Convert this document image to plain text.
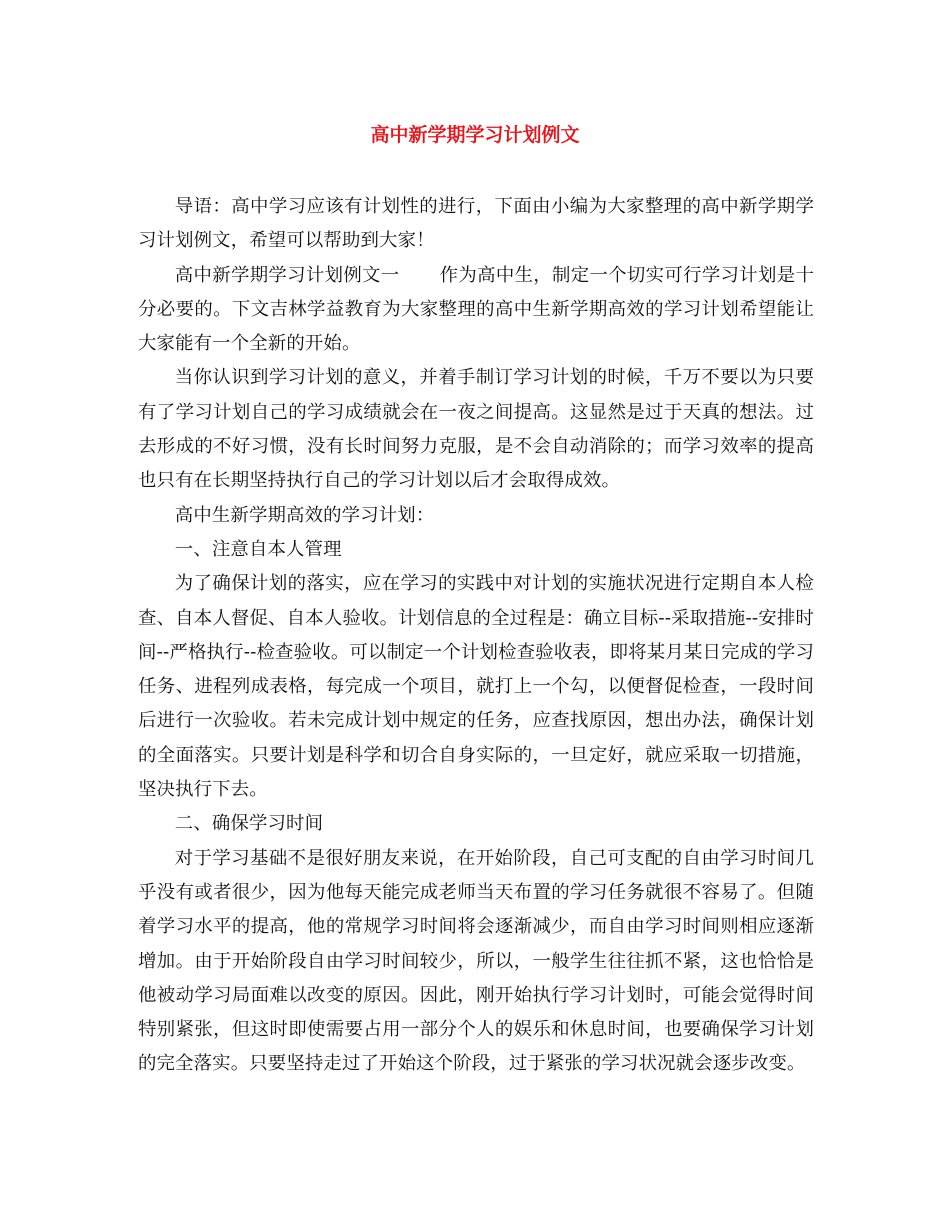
高中新学期学习计划例文

导语：高中学习应该有计划性的进行，下面由小编为大家整理的高中新学期学习计划例文，希望可以帮助到大家！

高中新学期学习计划例文一 作为高中生，制定一个切实可行学习计划是十分必要的。下文吉林学益教育为大家整理的高中生新学期高效的学习计划希望能让大家能有一个全新的开始。

当你认识到学习计划的意义，并着手制订学习计划的时候，千万不要以为只要有了学习计划自己的学习成绩就会在一夜之间提高。这显然是过于天真的想法。过去形成的不好习惯，没有长时间努力克服，是不会自动消除的；而学习效率的提高也只有在长期坚持执行自己的学习计划以后才会取得成效。

高中生新学期高效的学习计划：

一、注意自本人管理

为了确保计划的落实，应在学习的实践中对计划的实施状况进行定期自本人检查、自本人督促、自本人验收。计划信息的全过程是：确立目标--采取措施--安排时间--严格执行--检查验收。可以制定一个计划检查验收表，即将某月某日完成的学习任务、进程列成表格，每完成一个项目，就打上一个勾，以便督促检查，一段时间后进行一次验收。若未完成计划中规定的任务，应查找原因，想出办法，确保计划的全面落实。只要计划是科学和切合自身实际的，一旦定好，就应采取一切措施，坚决执行下去。

二、确保学习时间

对于学习基础不是很好朋友来说，在开始阶段，自己可支配的自由学习时间几乎没有或者很少，因为他每天能完成老师当天布置的学习任务就很不容易了。但随着学习水平的提高，他的常规学习时间将会逐渐减少，而自由学习时间则相应逐渐增加。由于开始阶段自由学习时间较少，所以，一般学生往往抓不紧，这也恰恰是他被动学习局面难以改变的原因。因此，刚开始执行学习计划时，可能会觉得时间特别紧张，但这时即使需要占用一部分个人的娱乐和休息时间，也要确保学习计划的完全落实。只要坚持走过了开始这个阶段，过于紧张的学习状况就会逐步改变。
